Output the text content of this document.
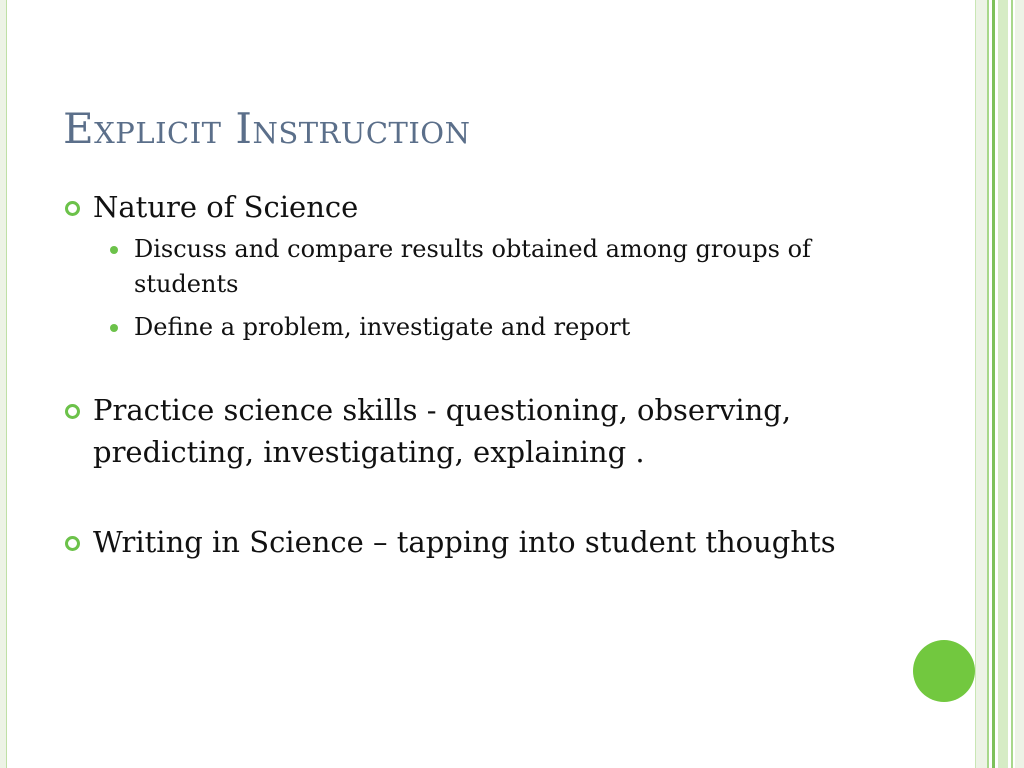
Explicit Instruction
Nature of Science
Discuss and compare results obtained among groups of students
Define a problem, investigate and report
Practice science skills - questioning, observing, predicting, investigating, explaining .
Writing in Science – tapping into student thoughts
